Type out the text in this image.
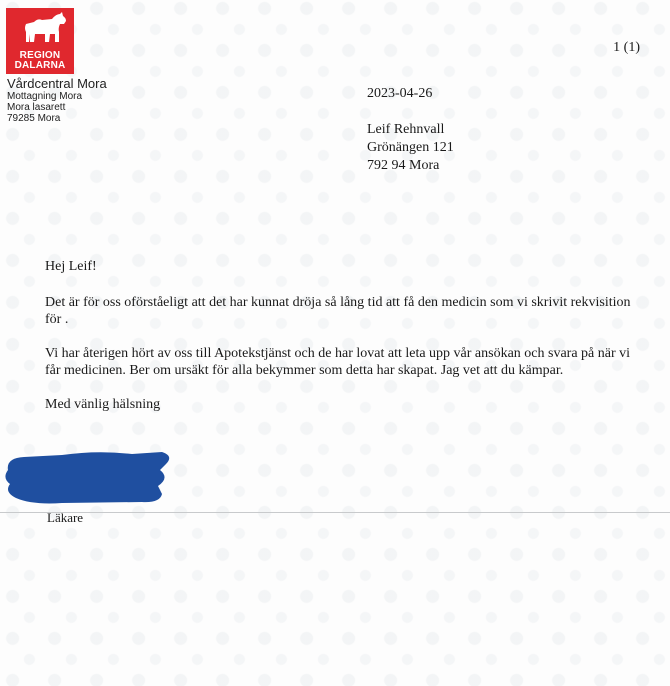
REGION
DALARNA
Vårdcentral Mora
Mottagning Mora
Mora lasarett
79285 Mora
1 (1)
2023-04-26
Leif Rehnvall
Grönängen 121
792 94 Mora

Hej Leif!

Det är för oss oförståeligt att det har kunnat dröja så lång tid att få den medicin som vi skrivit rekvisition för .

Vi har återigen hört av oss till Apotekstjänst och de har lovat att leta upp vår ansökan och svara på när vi får medicinen. Ber om ursäkt för alla bekymmer som detta har skapat. Jag vet att du kämpar.

Med vänlig hälsning

Läkare
